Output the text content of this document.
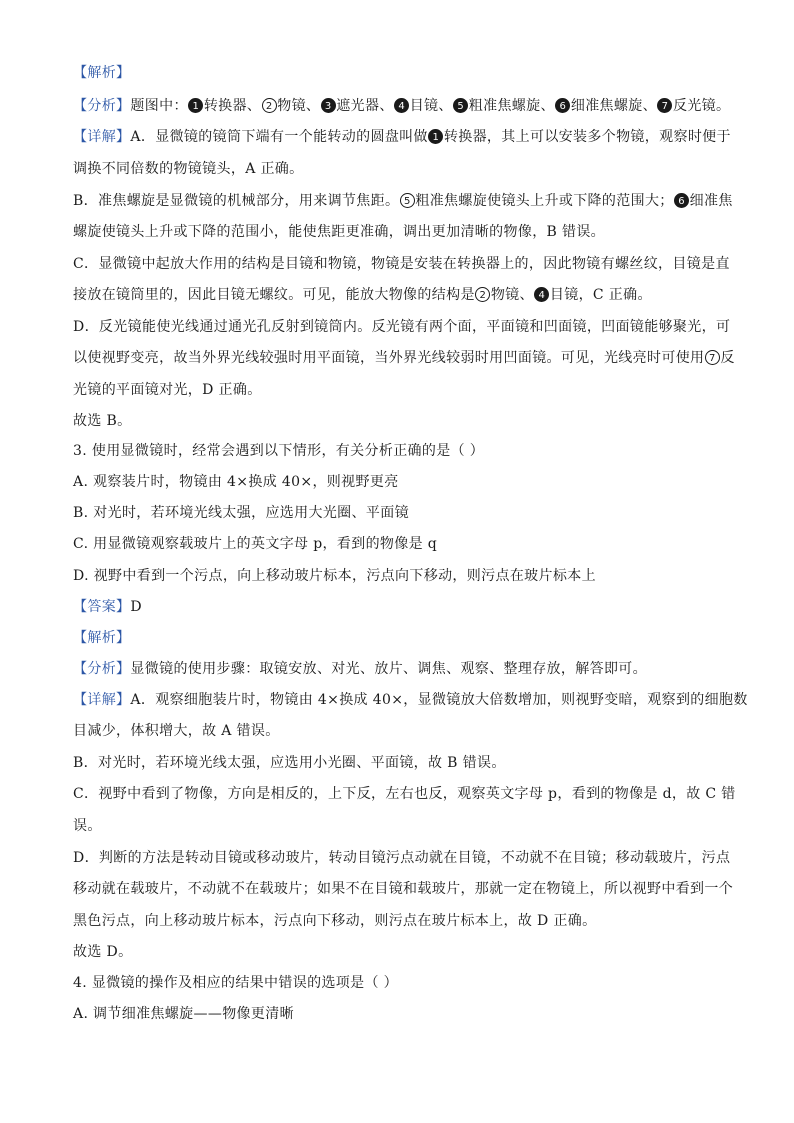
【解析】
【分析】题图中： 1 转换器、 2 物镜、 3 遮光器、 4 目镜、 5 粗准焦螺旋、 6 细准焦螺旋、 7 反光镜。
【详解】A．显微镜的镜筒下端有一个能转动的圆盘叫做 1 转换器，其上可以安装多个物镜，观察时便于
调换不同倍数的物镜镜头，A 正确。
B．准焦螺旋是显微镜的机械部分，用来调节焦距。 5 粗准焦螺旋使镜头上升或下降的范围大； 6 细准焦
螺旋使镜头上升或下降的范围小，能使焦距更准确，调出更加清晰的物像，B 错误。
C．显微镜中起放大作用的结构是目镜和物镜，物镜是安装在转换器上的，因此物镜有螺丝纹，目镜是直
接放在镜筒里的，因此目镜无螺纹。可见，能放大物像的结构是 2 物镜、 4 目镜，C 正确。
D．反光镜能使光线通过通光孔反射到镜筒内。反光镜有两个面，平面镜和凹面镜，凹面镜能够聚光，可
以使视野变亮，故当外界光线较强时用平面镜，当外界光线较弱时用凹面镜。可见，光线亮时可使用 7 反
光镜的平面镜对光，D 正确。
故选 B。
3. 使用显微镜时，经常会遇到以下情形，有关分析正确的是（ ）
A. 观察装片时，物镜由 4×换成 40×，则视野更亮
B. 对光时，若环境光线太强，应选用大光圈、平面镜
C. 用显微镜观察载玻片上的英文字母 p，看到的物像是 q
D. 视野中看到一个污点，向上移动玻片标本，污点向下移动，则污点在玻片标本上
【答案】D
【解析】
【分析】显微镜的使用步骤：取镜安放、对光、放片、调焦、观察、整理存放，解答即可。
【详解】A．观察细胞装片时，物镜由 4×换成 40×，显微镜放大倍数增加，则视野变暗，观察到的细胞数
目减少，体积增大，故 A 错误。
B．对光时，若环境光线太强，应选用小光圈、平面镜，故 B 错误。
C．视野中看到了物像，方向是相反的，上下反，左右也反，观察英文字母 p，看到的物像是 d，故 C 错
误。
D．判断的方法是转动目镜或移动玻片，转动目镜污点动就在目镜，不动就不在目镜；移动载玻片，污点
移动就在载玻片，不动就不在载玻片；如果不在目镜和载玻片，那就一定在物镜上，所以视野中看到一个
黑色污点，向上移动玻片标本，污点向下移动，则污点在玻片标本上，故 D 正确。
故选 D。
4. 显微镜的操作及相应的结果中错误的选项是（ ）
A. 调节细准焦螺旋——物像更清晰
